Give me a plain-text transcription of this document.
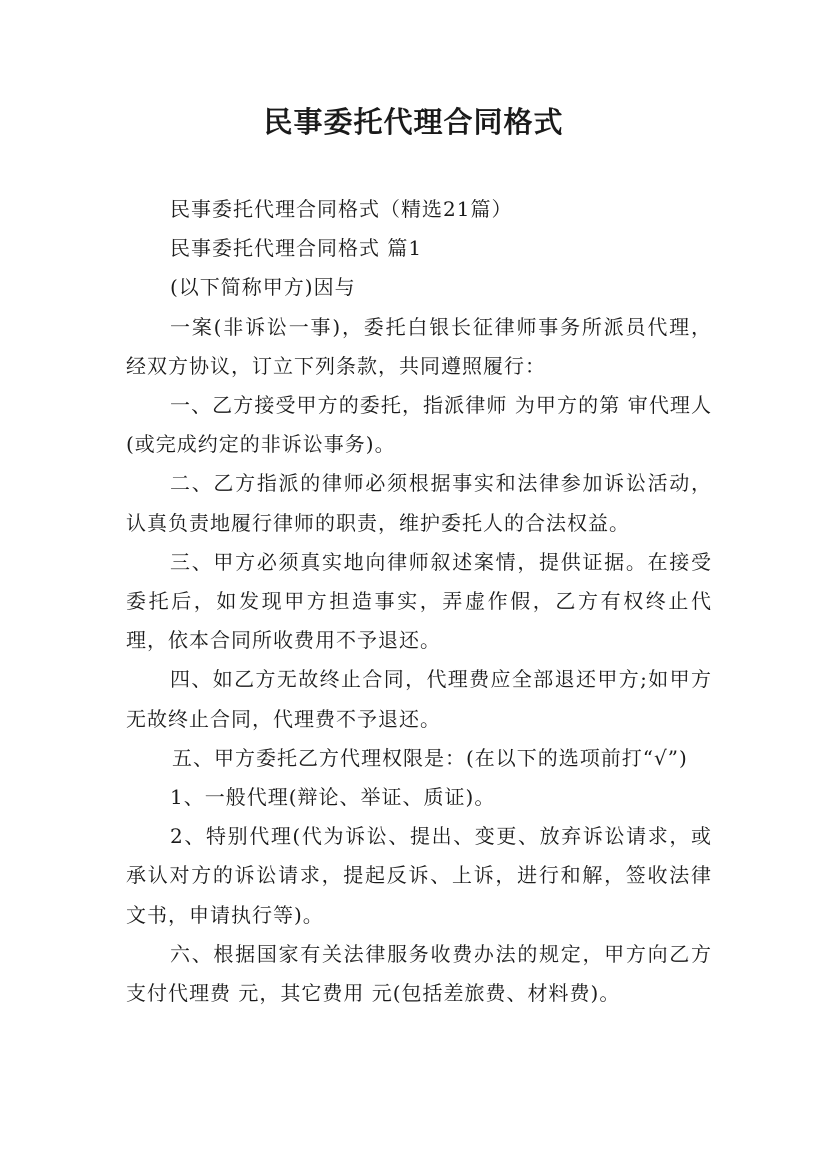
民事委托代理合同格式

民事委托代理合同格式（精选21篇）

民事委托代理合同格式 篇1

(以下简称甲方)因与

一案(非诉讼一事)，委托白银长征律师事务所派员代理，经双方协议，订立下列条款，共同遵照履行：

一、乙方接受甲方的委托，指派律师 为甲方的第 审代理人(或完成约定的非诉讼事务)。

二、乙方指派的律师必须根据事实和法律参加诉讼活动，认真负责地履行律师的职责，维护委托人的合法权益。

三、甲方必须真实地向律师叙述案情，提供证据。在接受委托后，如发现甲方担造事实，弄虚作假，乙方有权终止代理，依本合同所收费用不予退还。

四、如乙方无故终止合同，代理费应全部退还甲方;如甲方无故终止合同，代理费不予退还。

五、甲方委托乙方代理权限是：(在以下的选项前打“√”)

1、一般代理(辩论、举证、质证)。

2、特别代理(代为诉讼、提出、变更、放弃诉讼请求，或承认对方的诉讼请求，提起反诉、上诉，进行和解，签收法律文书，申请执行等)。

六、根据国家有关法律服务收费办法的规定，甲方向乙方支付代理费 元，其它费用 元(包括差旅费、材料费)。
